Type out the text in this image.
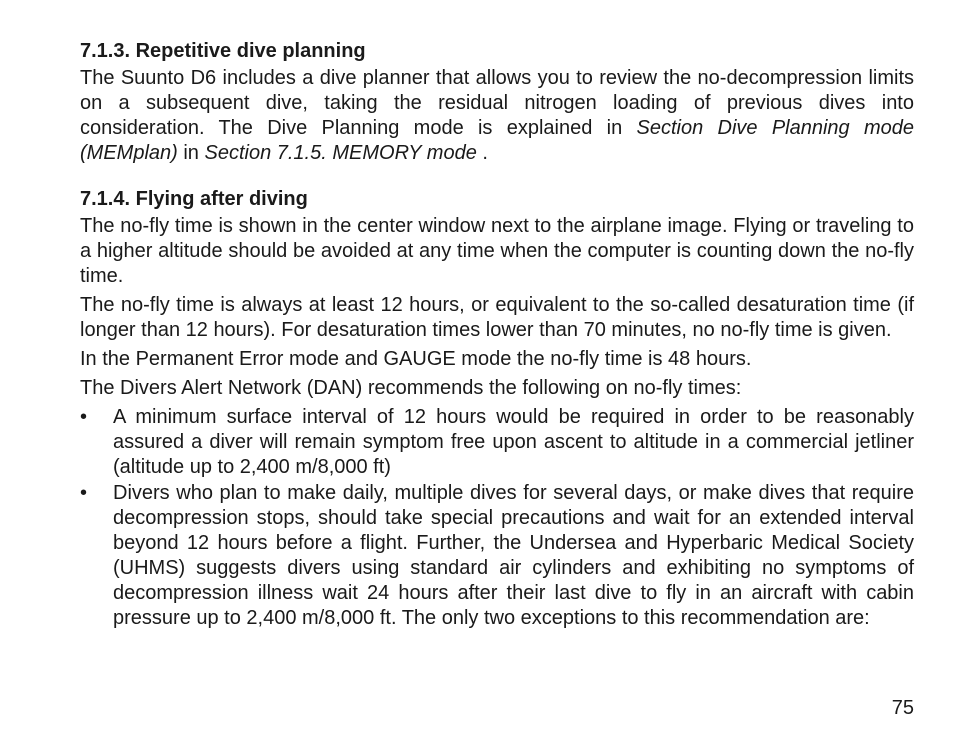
7.1.3. Repetitive dive planning

The Suunto D6 includes a dive planner that allows you to review the no-decompression limits on a subsequent dive, taking the residual nitrogen loading of previous dives into consideration. The Dive Planning mode is explained in Section Dive Planning mode (MEMplan) in Section 7.1.5. MEMORY mode .

7.1.4. Flying after diving

The no-fly time is shown in the center window next to the airplane image. Flying or traveling to a higher altitude should be avoided at any time when the computer is counting down the no-fly time.

The no-fly time is always at least 12 hours, or equivalent to the so-called desaturation time (if longer than 12 hours). For desaturation times lower than 70 minutes, no no-fly time is given.

In the Permanent Error mode and GAUGE mode the no-fly time is 48 hours.

The Divers Alert Network (DAN) recommends the following on no-fly times:

• A minimum surface interval of 12 hours would be required in order to be reasonably assured a diver will remain symptom free upon ascent to altitude in a commercial jetliner (altitude up to 2,400 m/8,000 ft)
• Divers who plan to make daily, multiple dives for several days, or make dives that require decompression stops, should take special precautions and wait for an extended interval beyond 12 hours before a flight. Further, the Undersea and Hyperbaric Medical Society (UHMS) suggests divers using standard air cylinders and exhibiting no symptoms of decompression illness wait 24 hours after their last dive to fly in an aircraft with cabin pressure up to 2,400 m/8,000 ft. The only two exceptions to this recommendation are:
75
